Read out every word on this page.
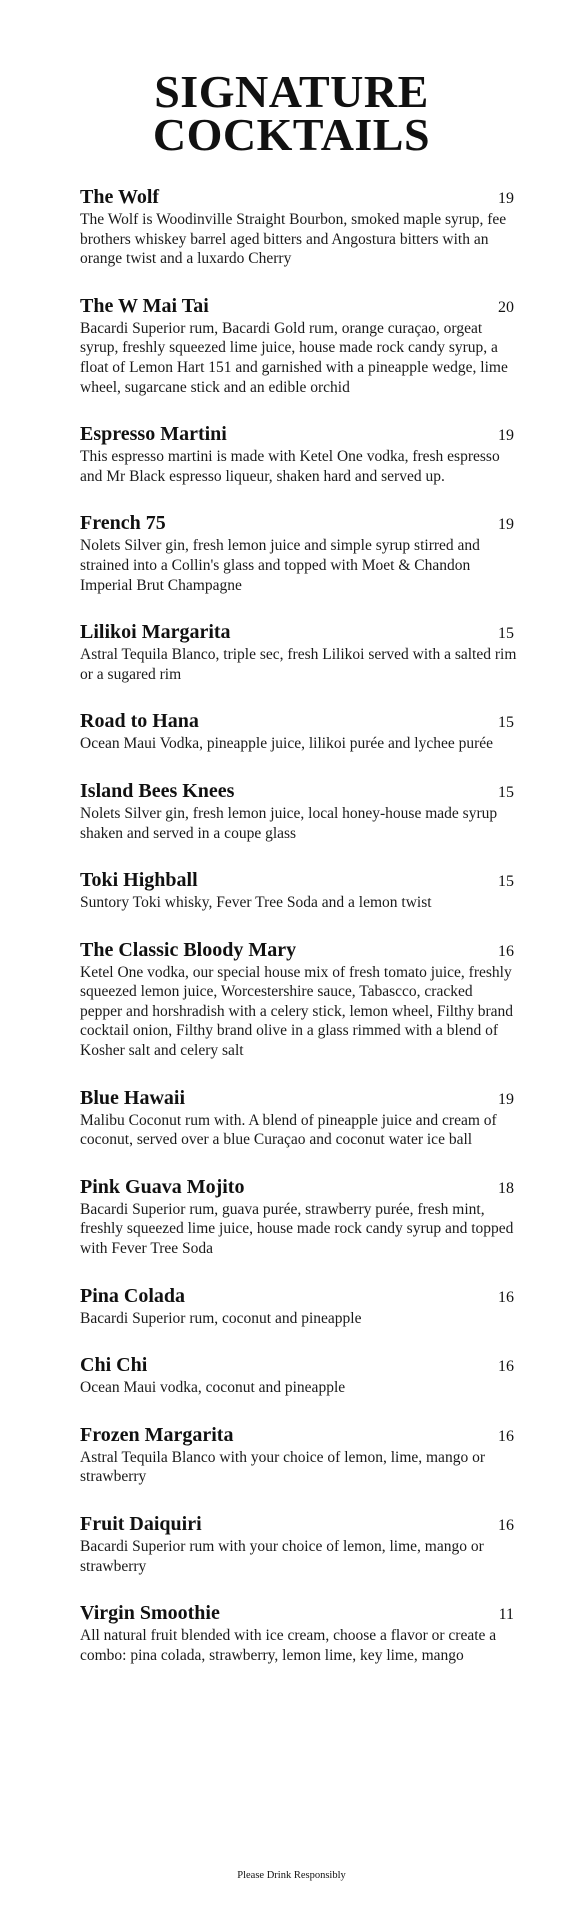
SIGNATURE
COCKTAILS
The Wolf	19

The Wolf is Woodinville Straight Bourbon, smoked maple syrup, fee brothers whiskey barrel aged bitters and Angostura bitters with an orange twist and a luxardo Cherry

The W Mai Tai	20

Bacardi Superior rum, Bacardi Gold rum, orange curaçao, orgeat syrup, freshly squeezed lime juice, house made rock candy syrup, a float of Lemon Hart 151 and garnished with a pineapple wedge, lime wheel, sugarcane stick and an edible orchid

Espresso Martini	19

This espresso martini is made with Ketel One vodka, fresh espresso and Mr Black espresso liqueur, shaken hard and served up.

French 75	19

Nolets Silver gin, fresh lemon juice and simple syrup stirred and strained into a Collin's glass and topped with Moet & Chandon Imperial Brut Champagne

Lilikoi Margarita	15

Astral Tequila Blanco, triple sec, fresh Lilikoi served with a salted rim or a sugared rim

Road to Hana	15

Ocean Maui Vodka, pineapple juice, lilikoi purée and lychee purée

Island Bees Knees	15

Nolets Silver gin, fresh lemon juice, local honey-house made syrup shaken and served in a coupe glass

Toki Highball	15

Suntory Toki whisky, Fever Tree Soda and a lemon twist

The Classic Bloody Mary	16

Ketel One vodka, our special house mix of fresh tomato juice, freshly squeezed lemon juice, Worcestershire sauce, Tabascco, cracked pepper and horshradish with a celery stick, lemon wheel, Filthy brand cocktail onion, Filthy brand olive in a glass rimmed with a blend of Kosher salt and celery salt

Blue Hawaii	19

Malibu Coconut rum with. A blend of pineapple juice and cream of coconut, served over a blue Curaçao and coconut water ice ball

Pink Guava Mojito	18

Bacardi Superior rum, guava purée, strawberry purée, fresh mint, freshly squeezed lime juice, house made rock candy syrup and topped with Fever Tree Soda

Pina Colada	16

Bacardi Superior rum, coconut and pineapple

Chi Chi	16

Ocean Maui vodka, coconut and pineapple

Frozen Margarita	16

Astral Tequila Blanco with your choice of lemon, lime, mango or strawberry

Fruit Daiquiri	16

Bacardi Superior rum with your choice of lemon, lime, mango or strawberry

Virgin Smoothie	11

All natural fruit blended with ice cream, choose a flavor or create a combo: pina colada, strawberry, lemon lime, key lime, mango

Please Drink Responsibly
